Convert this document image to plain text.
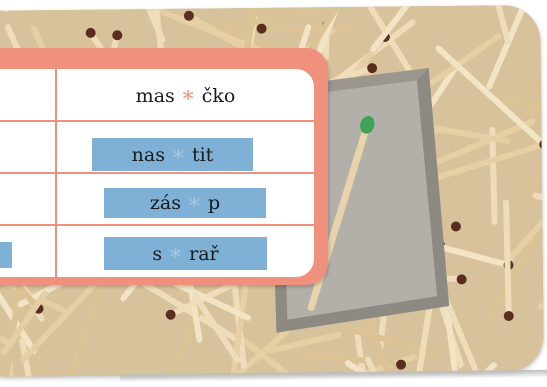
mas ∗ čko
nas ∗ tit
zás ∗ p
s ∗ rař
